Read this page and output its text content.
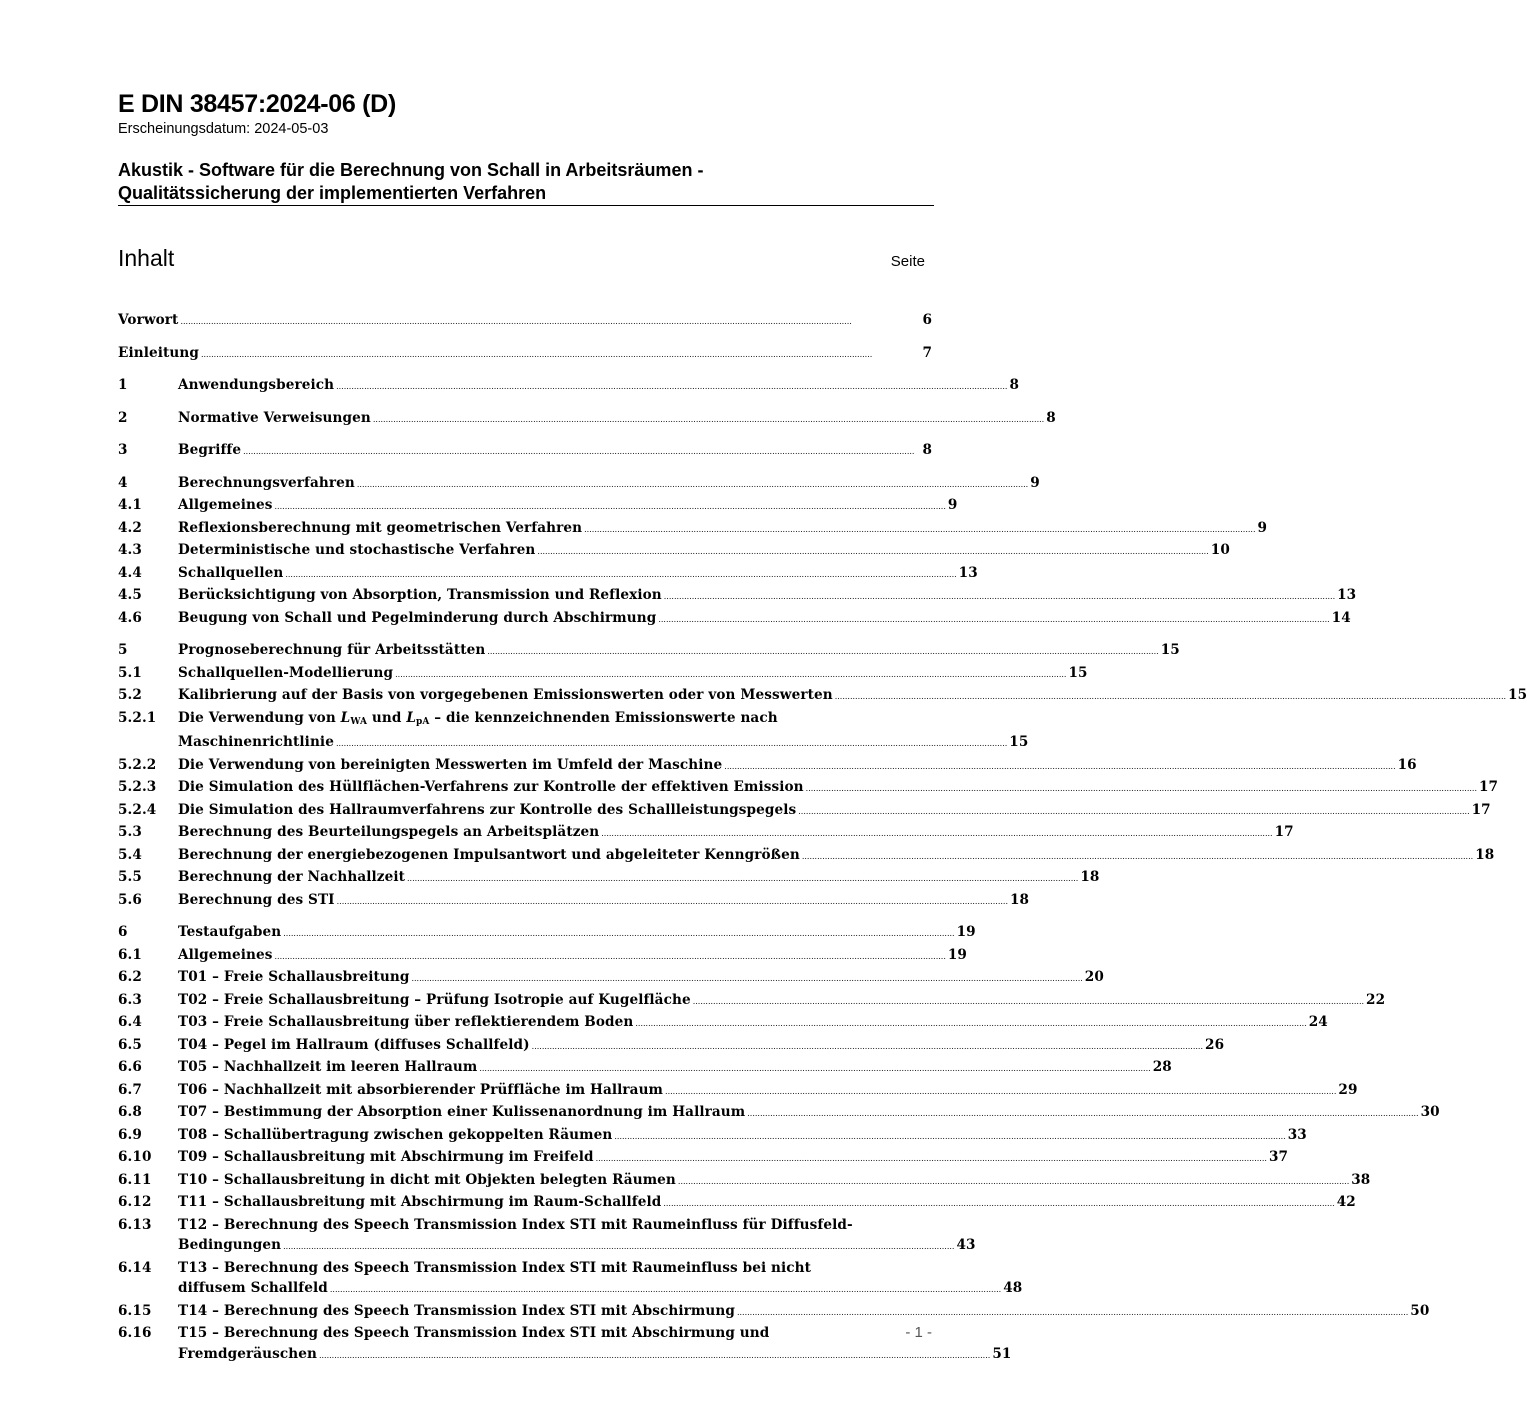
E DIN 38457:2024-06 (D)
Erscheinungsdatum: 2024-05-03
Akustik - Software für die Berechnung von Schall in Arbeitsräumen -
Qualitätssicherung der implementierten Verfahren
Inhalt	Seite
Vorwort .....	6
Einleitung .....	7
1	Anwendungsbereich .....	8
2	Normative Verweisungen .....	8
3	Begriffe .....	8
4	Berechnungsverfahren .....	9
4.1	Allgemeines .....	9
4.2	Reflexionsberechnung mit geometrischen Verfahren .....	9
4.3	Deterministische und stochastische Verfahren .....	10
4.4	Schallquellen .....	13
4.5	Berücksichtigung von Absorption, Transmission und Reflexion .....	13
4.6	Beugung von Schall und Pegelminderung durch Abschirmung .....	14
5	Prognoseberechnung für Arbeitsstätten .....	15
5.1	Schallquellen-Modellierung .....	15
5.2	Kalibrierung auf der Basis von vorgegebenen Emissionswerten oder von Messwerten .....	15
5.2.1 Die Verwendung von $L_{WA}$ und $L_{pA}$ – die kennzeichnenden Emissionswerte nach
Maschinenrichtlinie .....	15
5.2.2 Die Verwendung von bereinigten Messwerten im Umfeld der Maschine .....	16
5.2.3 Die Simulation des Hüllflächen-Verfahrens zur Kontrolle der effektiven Emission .....	17
5.2.4 Die Simulation des Hallraumverfahrens zur Kontrolle des Schallleistungspegels .....	17
5.3	Berechnung des Beurteilungspegels an Arbeitsplätzen .....	17
5.4	Berechnung der energiebezogenen Impulsantwort und abgeleiteter Kenngrößen .....	18
5.5	Berechnung der Nachhallzeit .....	18
5.6	Berechnung des STI .....	18
6	Testaufgaben .....	19
6.1	Allgemeines .....	19
6.2	T01 – Freie Schallausbreitung .....	20
6.3	T02 – Freie Schallausbreitung – Prüfung Isotropie auf Kugelfläche .....	22
6.4	T03 – Freie Schallausbreitung über reflektierendem Boden .....	24
6.5	T04 – Pegel im Hallraum (diffuses Schallfeld) .....	26
6.6	T05 – Nachhallzeit im leeren Hallraum .....	28
6.7	T06 – Nachhallzeit mit absorbierender Prüffläche im Hallraum .....	29
6.8	T07 – Bestimmung der Absorption einer Kulissenanordnung im Hallraum .....	30
6.9	T08 – Schallübertragung zwischen gekoppelten Räumen .....	33
6.10 T09 – Schallausbreitung mit Abschirmung im Freifeld .....	37
6.11 T10 – Schallausbreitung in dicht mit Objekten belegten Räumen .....	38
6.12 T11 – Schallausbreitung mit Abschirmung im Raum-Schallfeld .....	42
6.13 T12 – Berechnung des Speech Transmission Index STI mit Raumeinfluss für Diffusfeld-
Bedingungen .....	43
6.14 T13 – Berechnung des Speech Transmission Index STI mit Raumeinfluss bei nicht
diffusem Schallfeld .....	48
6.15 T14 – Berechnung des Speech Transmission Index STI mit Abschirmung .....	50
6.16 T15 – Berechnung des Speech Transmission Index STI mit Abschirmung und
Fremdgeräuschen .....	51
- 1 -
